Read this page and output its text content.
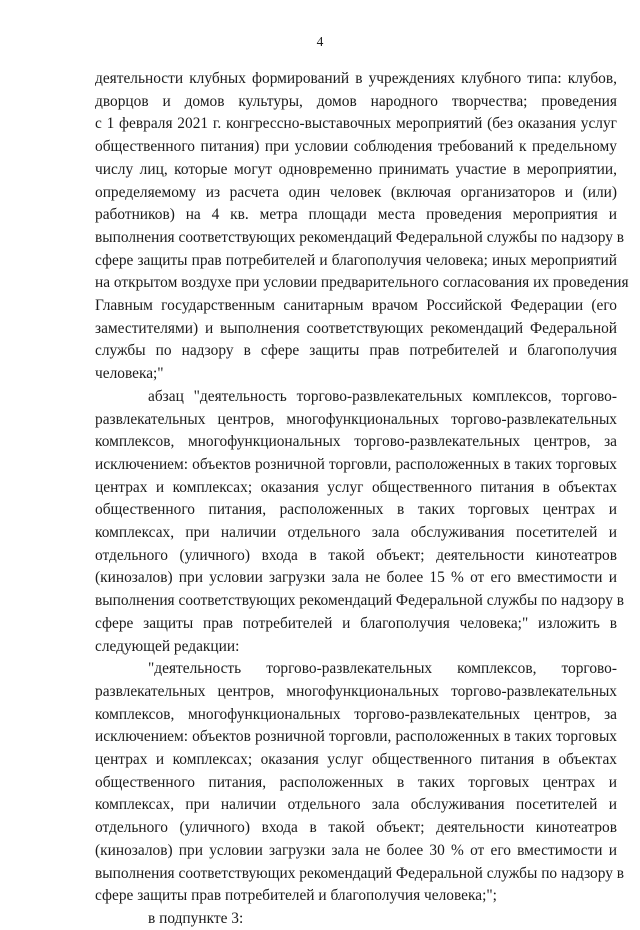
4
деятельности клубных формирований в учреждениях клубного типа: клубов,
дворцов и домов культуры, домов народного творчества; проведения
с 1 февраля 2021 г. конгрессно-выставочных мероприятий (без оказания услуг
общественного питания) при условии соблюдения требований к предельному
числу лиц, которые могут одновременно принимать участие в мероприятии,
определяемому из расчета один человек (включая организаторов и (или)
работников) на 4 кв. метра площади места проведения мероприятия и
выполнения соответствующих рекомендаций Федеральной службы по надзору в
сфере защиты прав потребителей и благополучия человека; иных мероприятий
на открытом воздухе при условии предварительного согласования их проведения
Главным государственным санитарным врачом Российской Федерации (его
заместителями) и выполнения соответствующих рекомендаций Федеральной
службы по надзору в сфере защиты прав потребителей и благополучия
человека;"
абзац "деятельность торгово-развлекательных комплексов, торгово-
развлекательных центров, многофункциональных торгово-развлекательных
комплексов, многофункциональных торгово-развлекательных центров, за
исключением: объектов розничной торговли, расположенных в таких торговых
центрах и комплексах; оказания услуг общественного питания в объектах
общественного питания, расположенных в таких торговых центрах и
комплексах, при наличии отдельного зала обслуживания посетителей и
отдельного (уличного) входа в такой объект; деятельности кинотеатров
(кинозалов) при условии загрузки зала не более 15 % от его вместимости и
выполнения соответствующих рекомендаций Федеральной службы по надзору в
сфере защиты прав потребителей и благополучия человека;" изложить в
следующей редакции:
"деятельность торгово-развлекательных комплексов, торгово-
развлекательных центров, многофункциональных торгово-развлекательных
комплексов, многофункциональных торгово-развлекательных центров, за
исключением: объектов розничной торговли, расположенных в таких торговых
центрах и комплексах; оказания услуг общественного питания в объектах
общественного питания, расположенных в таких торговых центрах и
комплексах, при наличии отдельного зала обслуживания посетителей и
отдельного (уличного) входа в такой объект; деятельности кинотеатров
(кинозалов) при условии загрузки зала не более 30 % от его вместимости и
выполнения соответствующих рекомендаций Федеральной службы по надзору в
сфере защиты прав потребителей и благополучия человека;";
в подпункте 3:
